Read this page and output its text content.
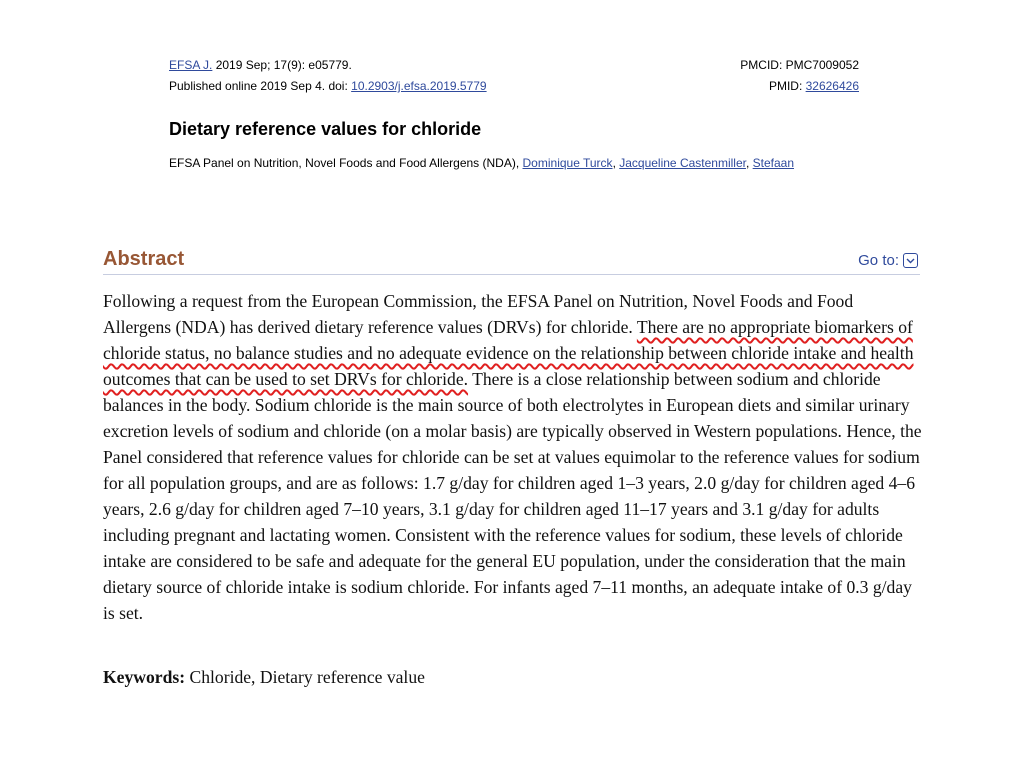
EFSA J. 2019 Sep; 17(9): e05779.	PMCID: PMC7009052
Published online 2019 Sep 4. doi: 10.2903/j.efsa.2019.5779	PMID: 32626426
Dietary reference values for chloride
EFSA Panel on Nutrition, Novel Foods and Food Allergens (NDA), Dominique Turck, Jacqueline Castenmiller, Stefaan
Abstract	Go to:

Following a request from the European Commission, the EFSA Panel on Nutrition, Novel Foods and Food Allergens (NDA) has derived dietary reference values (DRVs) for chloride. There are no appropriate biomarkers of chloride status, no balance studies and no adequate evidence on the relationship between chloride intake and health outcomes that can be used to set DRVs for chloride. There is a close relationship between sodium and chloride balances in the body. Sodium chloride is the main source of both electrolytes in European diets and similar urinary excretion levels of sodium and chloride (on a molar basis) are typically observed in Western populations. Hence, the Panel considered that reference values for chloride can be set at values equimolar to the reference values for sodium for all population groups, and are as follows: 1.7 g/day for children aged 1–3 years, 2.0 g/day for children aged 4–6 years, 2.6 g/day for children aged 7–10 years, 3.1 g/day for children aged 11–17 years and 3.1 g/day for adults including pregnant and lactating women. Consistent with the reference values for sodium, these levels of chloride intake are considered to be safe and adequate for the general EU population, under the consideration that the main dietary source of chloride intake is sodium chloride. For infants aged 7–11 months, an adequate intake of 0.3 g/day is set.

Keywords: Chloride, Dietary reference value
